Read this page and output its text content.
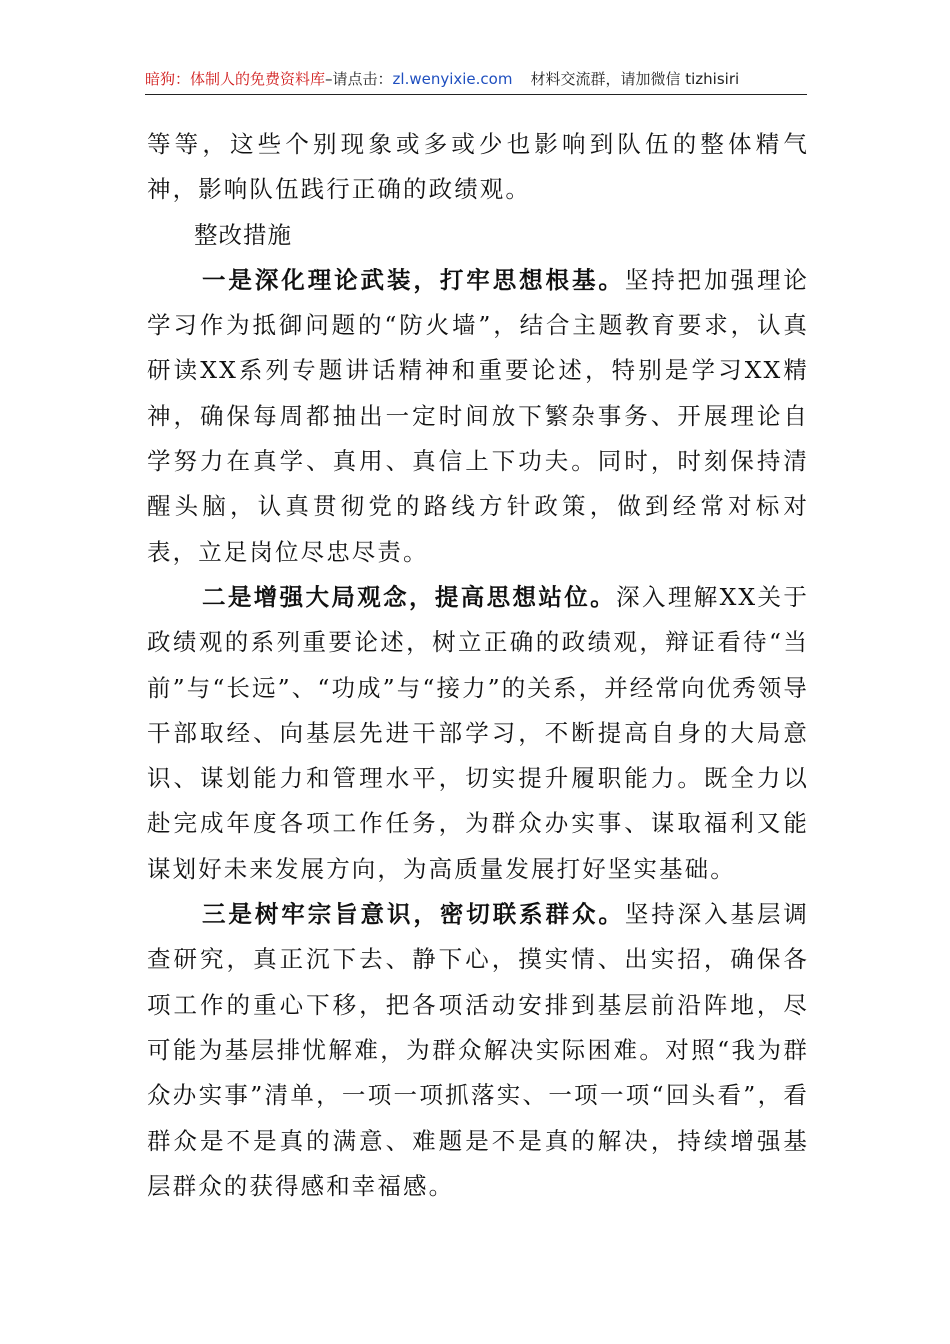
暗狗：体制人的免费资料库–请点击：zl.wenyixie.com 材料交流群，请加微信 tizhisiri

等等，这些个别现象或多或少也影响到队伍的整体精气神，影响队伍践行正确的政绩观。

整改措施

一是深化理论武装，打牢思想根基。坚持把加强理论学习作为抵御问题的“防火墙”，结合主题教育要求，认真研读XX系列专题讲话精神和重要论述，特别是学习XX精神，确保每周都抽出一定时间放下繁杂事务、开展理论自学努力在真学、真用、真信上下功夫。同时，时刻保持清醒头脑，认真贯彻党的路线方针政策，做到经常对标对表，立足岗位尽忠尽责。

二是增强大局观念，提高思想站位。深入理解XX关于政绩观的系列重要论述，树立正确的政绩观，辩证看待“当前”与“长远”、“功成”与“接力”的关系，并经常向优秀领导干部取经、向基层先进干部学习，不断提高自身的大局意识、谋划能力和管理水平，切实提升履职能力。既全力以赴完成年度各项工作任务，为群众办实事、谋取福利又能谋划好未来发展方向，为高质量发展打好坚实基础。

三是树牢宗旨意识，密切联系群众。坚持深入基层调查研究，真正沉下去、静下心，摸实情、出实招，确保各项工作的重心下移，把各项活动安排到基层前沿阵地，尽可能为基层排忧解难，为群众解决实际困难。对照“我为群众办实事”清单，一项一项抓落实、一项一项“回头看”，看群众是不是真的满意、难题是不是真的解决，持续增强基层群众的获得感和幸福感。
